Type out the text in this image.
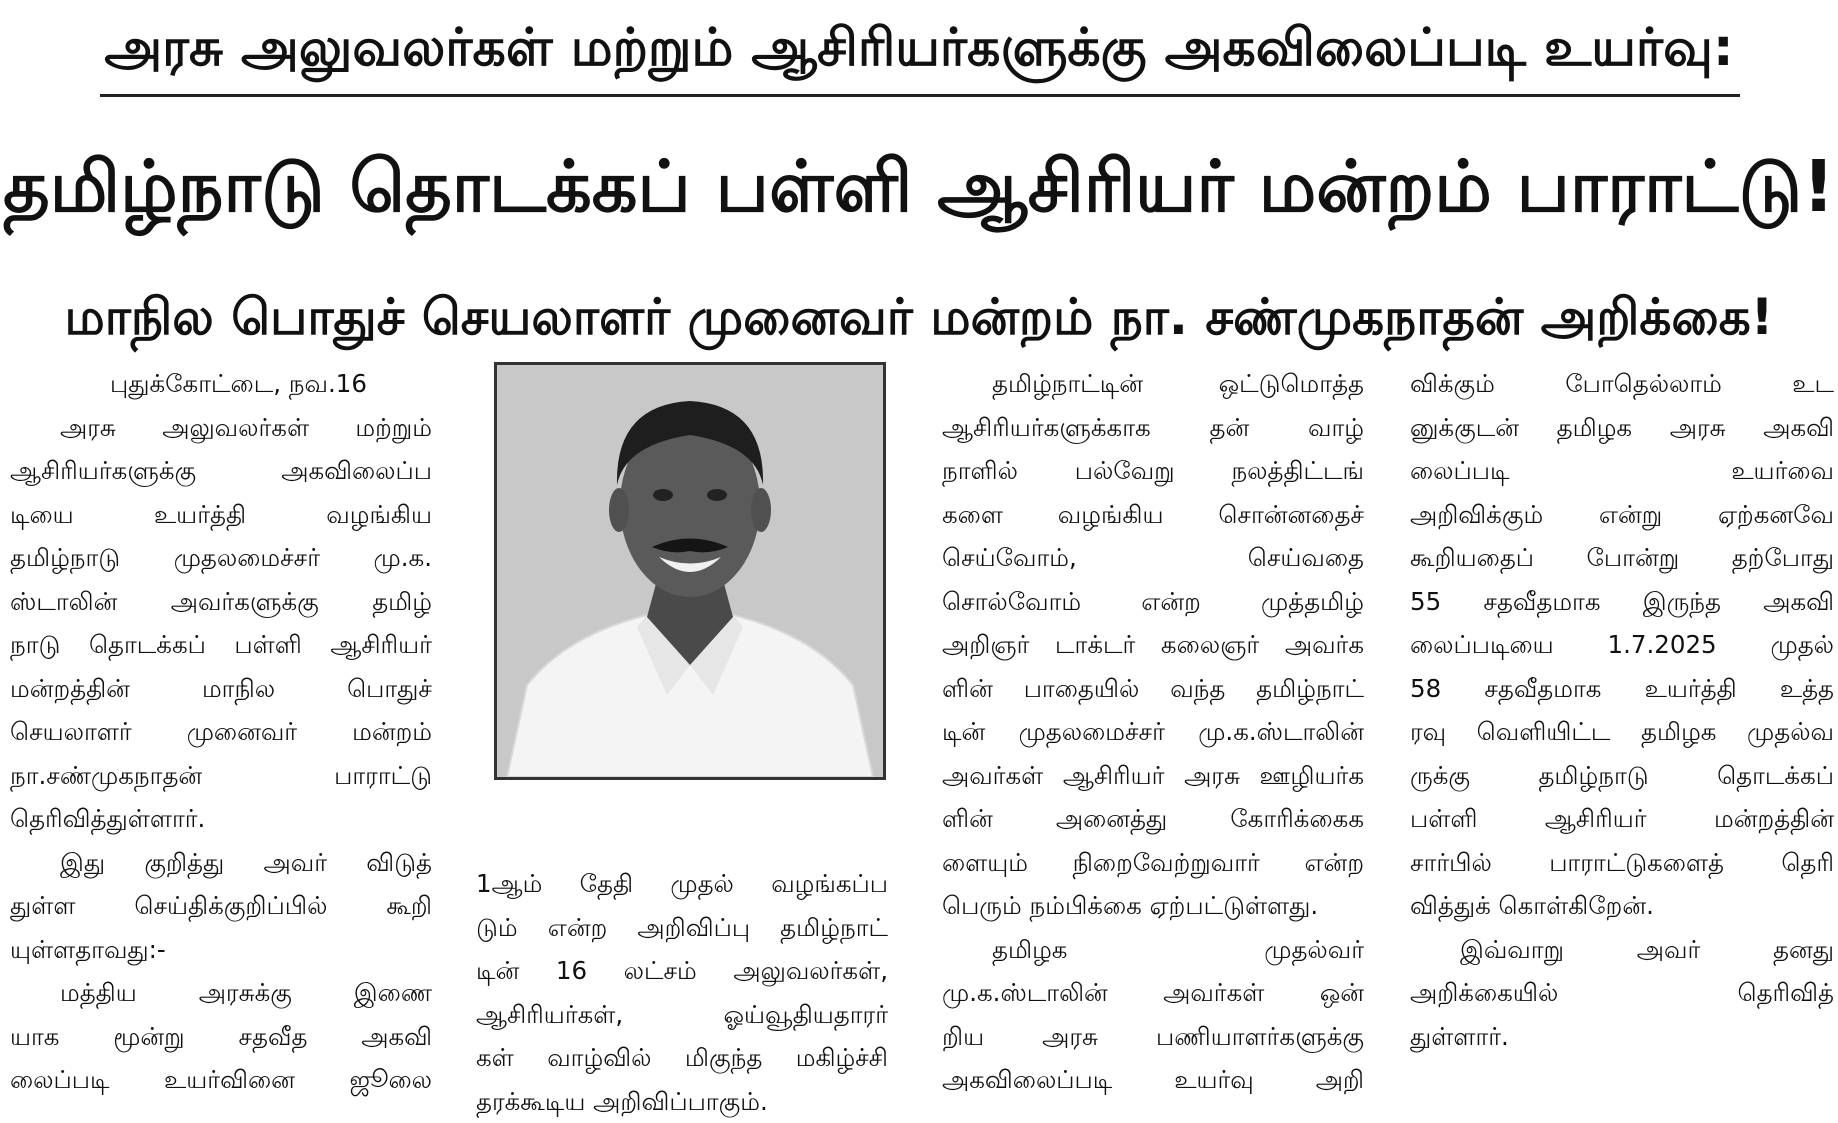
அரசு அலுவலர்கள் மற்றும் ஆசிரியர்களுக்கு அகவிலைப்படி உயர்வு:
தமிழ்நாடு தொடக்கப் பள்ளி ஆசிரியர் மன்றம் பாராட்டு!
மாநில பொதுச் செயலாளர் முனைவர் மன்றம் நா. சண்முகநாதன் அறிக்கை!
புதுக்கோட்டை, நவ.16
அரசு அலுவலர்கள் மற்றும்
ஆசிரியர்களுக்கு அகவிலைப்ப
டியை உயர்த்தி வழங்கிய
தமிழ்நாடு முதலமைச்சர் மு.க.
ஸ்டாலின் அவர்களுக்கு தமிழ்
நாடு தொடக்கப் பள்ளி ஆசிரியர்
மன்றத்தின் மாநில பொதுச்
செயலாளர் முனைவர் மன்றம்
நா.சண்முகநாதன் பாராட்டு
தெரிவித்துள்ளார்.
இது குறித்து அவர் விடுத்
துள்ள செய்திக்குறிப்பில் கூறி
யுள்ளதாவது:-
மத்திய அரசுக்கு இணை
யாக மூன்று சதவீத அகவி
லைப்படி உயர்வினை ஜூலை
1ஆம் தேதி முதல் வழங்கப்ப
டும் என்ற அறிவிப்பு தமிழ்நாட்
டின் 16 லட்சம் அலுவலர்கள்,
ஆசிரியர்கள், ஓய்வூதியதாரர்
கள் வாழ்வில் மிகுந்த மகிழ்ச்சி
தரக்கூடிய அறிவிப்பாகும்.
தமிழ்நாட்டின் ஒட்டுமொத்த
ஆசிரியர்களுக்காக தன் வாழ்
நாளில் பல்வேறு நலத்திட்டங்
களை வழங்கிய சொன்னதைச்
செய்வோம், செய்வதை
சொல்வோம் என்ற முத்தமிழ்
அறிஞர் டாக்டர் கலைஞர் அவர்க
ளின் பாதையில் வந்த தமிழ்நாட்
டின் முதலமைச்சர் மு.க.ஸ்டாலின்
அவர்கள் ஆசிரியர் அரசு ஊழியர்க
ளின் அனைத்து கோரிக்கைக
ளையும் நிறைவேற்றுவார் என்ற
பெரும் நம்பிக்கை ஏற்பட்டுள்ளது.
தமிழக முதல்வர்
மு.க.ஸ்டாலின் அவர்கள் ஒன்
றிய அரசு பணியாளர்களுக்கு
அகவிலைப்படி உயர்வு அறி
விக்கும் போதெல்லாம் உட
னுக்குடன் தமிழக அரசு அகவி
லைப்படி உயர்வை
அறிவிக்கும் என்று ஏற்கனவே
கூறியதைப் போன்று தற்போது
55 சதவீதமாக இருந்த அகவி
லைப்படியை 1.7.2025 முதல்
58 சதவீதமாக உயர்த்தி உத்த
ரவு வெளியிட்ட தமிழக முதல்வ
ருக்கு தமிழ்நாடு தொடக்கப்
பள்ளி ஆசிரியர் மன்றத்தின்
சார்பில் பாராட்டுகளைத் தெரி
வித்துக் கொள்கிறேன்.
இவ்வாறு அவர் தனது
அறிக்கையில் தெரிவித்
துள்ளார்.
